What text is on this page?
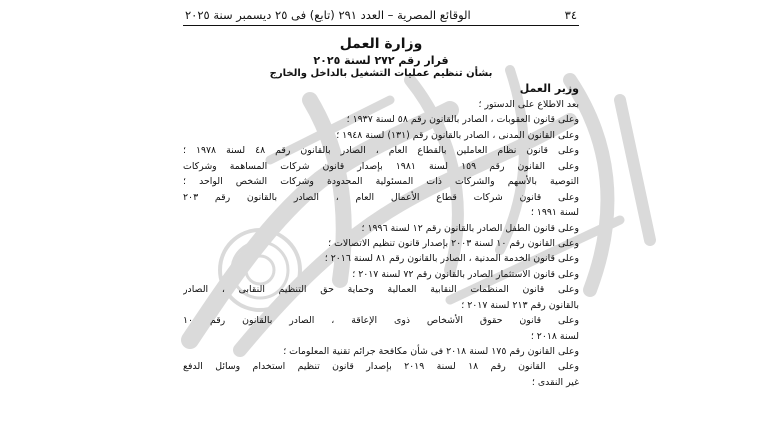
٣٤
الوقائع المصرية – العدد ٢٩١ (تابع) فى ٢٥ ديسمبر سنة ٢٠٢٥
وزارة العمل
قرار رقم ٢٧٢ لسنة ٢٠٢٥
بشأن تنظيم عمليات التشغيل بالداخل والخارج
وزير العمل
بعد الاطلاع على الدستور ؛
وعلى قانون العقوبات ، الصادر بالقانون رقم ٥٨ لسنة ١٩٣٧ ؛
وعلى القانون المدنى ، الصادر بالقانون رقم (١٣١) لسنة ١٩٤٨ ؛
وعلى قانون نظام العاملين بالقطاع العام ، الصادر بالقانون رقم ٤٨ لسنة ١٩٧٨ ؛
وعلى القانون رقم ١٥٩ لسنة ١٩٨١ بإصدار قانون شركات المساهمة وشركات
التوصية بالأسهم والشركات ذات المسئولية المحدودة وشركات الشخص الواحد ؛
وعلى قانون شركات قطاع الأعمال العام ، الصادر بالقانون رقم ٢٠٣
لسنة ١٩٩١ ؛
وعلى قانون الطفل الصادر بالقانون رقم ١٢ لسنة ١٩٩٦ ؛
وعلى القانون رقم ١٠ لسنة ٢٠٠٣ بإصدار قانون تنظيم الاتصالات ؛
وعلى قانون الخدمة المدنية ، الصادر بالقانون رقم ٨١ لسنة ٢٠١٦ ؛
وعلى قانون الاستثمار الصادر بالقانون رقم ٧٢ لسنة ٢٠١٧ ؛
وعلى قانون المنظمات النقابية العمالية وحماية حق التنظيم النقابى ، الصادر
بالقانون رقم ٢١٣ لسنة ٢٠١٧ ؛
وعلى قانون حقوق الأشخاص ذوى الإعاقة ، الصادر بالقانون رقم ١٠
لسنة ٢٠١٨ ؛
وعلى القانون رقم ١٧٥ لسنة ٢٠١٨ فى شأن مكافحة جرائم تقنية المعلومات ؛
وعلى القانون رقم ١٨ لسنة ٢٠١٩ بإصدار قانون تنظيم استخدام وسائل الدفع
غير النقدى ؛
